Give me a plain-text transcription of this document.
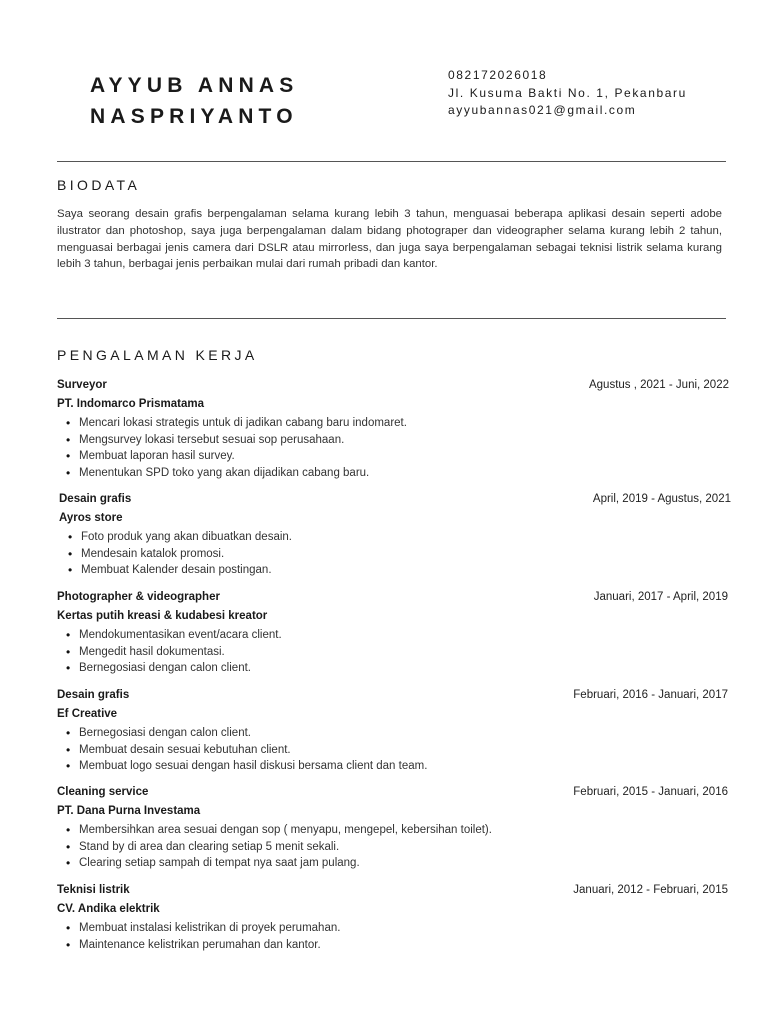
AYYUB ANNAS
NASPRIYANTO
082172026018
Jl. Kusuma Bakti No. 1, Pekanbaru
ayyubannas021@gmail.com
BIODATA
Saya seorang desain grafis berpengalaman selama kurang lebih 3 tahun, menguasai beberapa aplikasi desain seperti adobe ilustrator dan photoshop, saya juga berpengalaman dalam bidang photograper dan videographer selama kurang lebih 2 tahun, menguasai berbagai jenis camera dari DSLR atau mirrorless, dan juga saya berpengalaman sebagai teknisi listrik selama kurang lebih 3 tahun, berbagai jenis perbaikan mulai dari rumah pribadi dan kantor.
PENGALAMAN KERJA
Surveyor	Agustus , 2021 - Juni, 2022
PT. Indomarco Prismatama
• Mencari lokasi strategis untuk di jadikan cabang baru indomaret.
• Mengsurvey lokasi tersebut sesuai sop perusahaan.
• Membuat laporan hasil survey.
• Menentukan SPD toko yang akan dijadikan cabang baru.
Desain grafis	April, 2019 - Agustus, 2021
Ayros store
• Foto produk yang akan dibuatkan desain.
• Mendesain katalok promosi.
• Membuat Kalender desain postingan.
Photographer & videographer	Januari, 2017 - April, 2019
Kertas putih kreasi & kudabesi kreator
• Mendokumentasikan event/acara client.
• Mengedit hasil dokumentasi.
• Bernegosiasi dengan calon client.
Desain grafis	Februari, 2016 - Januari, 2017
Ef Creative
• Bernegosiasi dengan calon client.
• Membuat desain sesuai kebutuhan client.
• Membuat logo sesuai dengan hasil diskusi bersama client dan team.
Cleaning service	Februari, 2015 - Januari, 2016
PT. Dana Purna Investama
• Membersihkan area sesuai dengan sop ( menyapu, mengepel, kebersihan toilet).
• Stand by di area dan clearing setiap 5 menit sekali.
• Clearing setiap sampah di tempat nya saat jam pulang.
Teknisi listrik	Januari, 2012 - Februari, 2015
CV. Andika elektrik
• Membuat instalasi kelistrikan di proyek perumahan.
• Maintenance kelistrikan perumahan dan kantor.
